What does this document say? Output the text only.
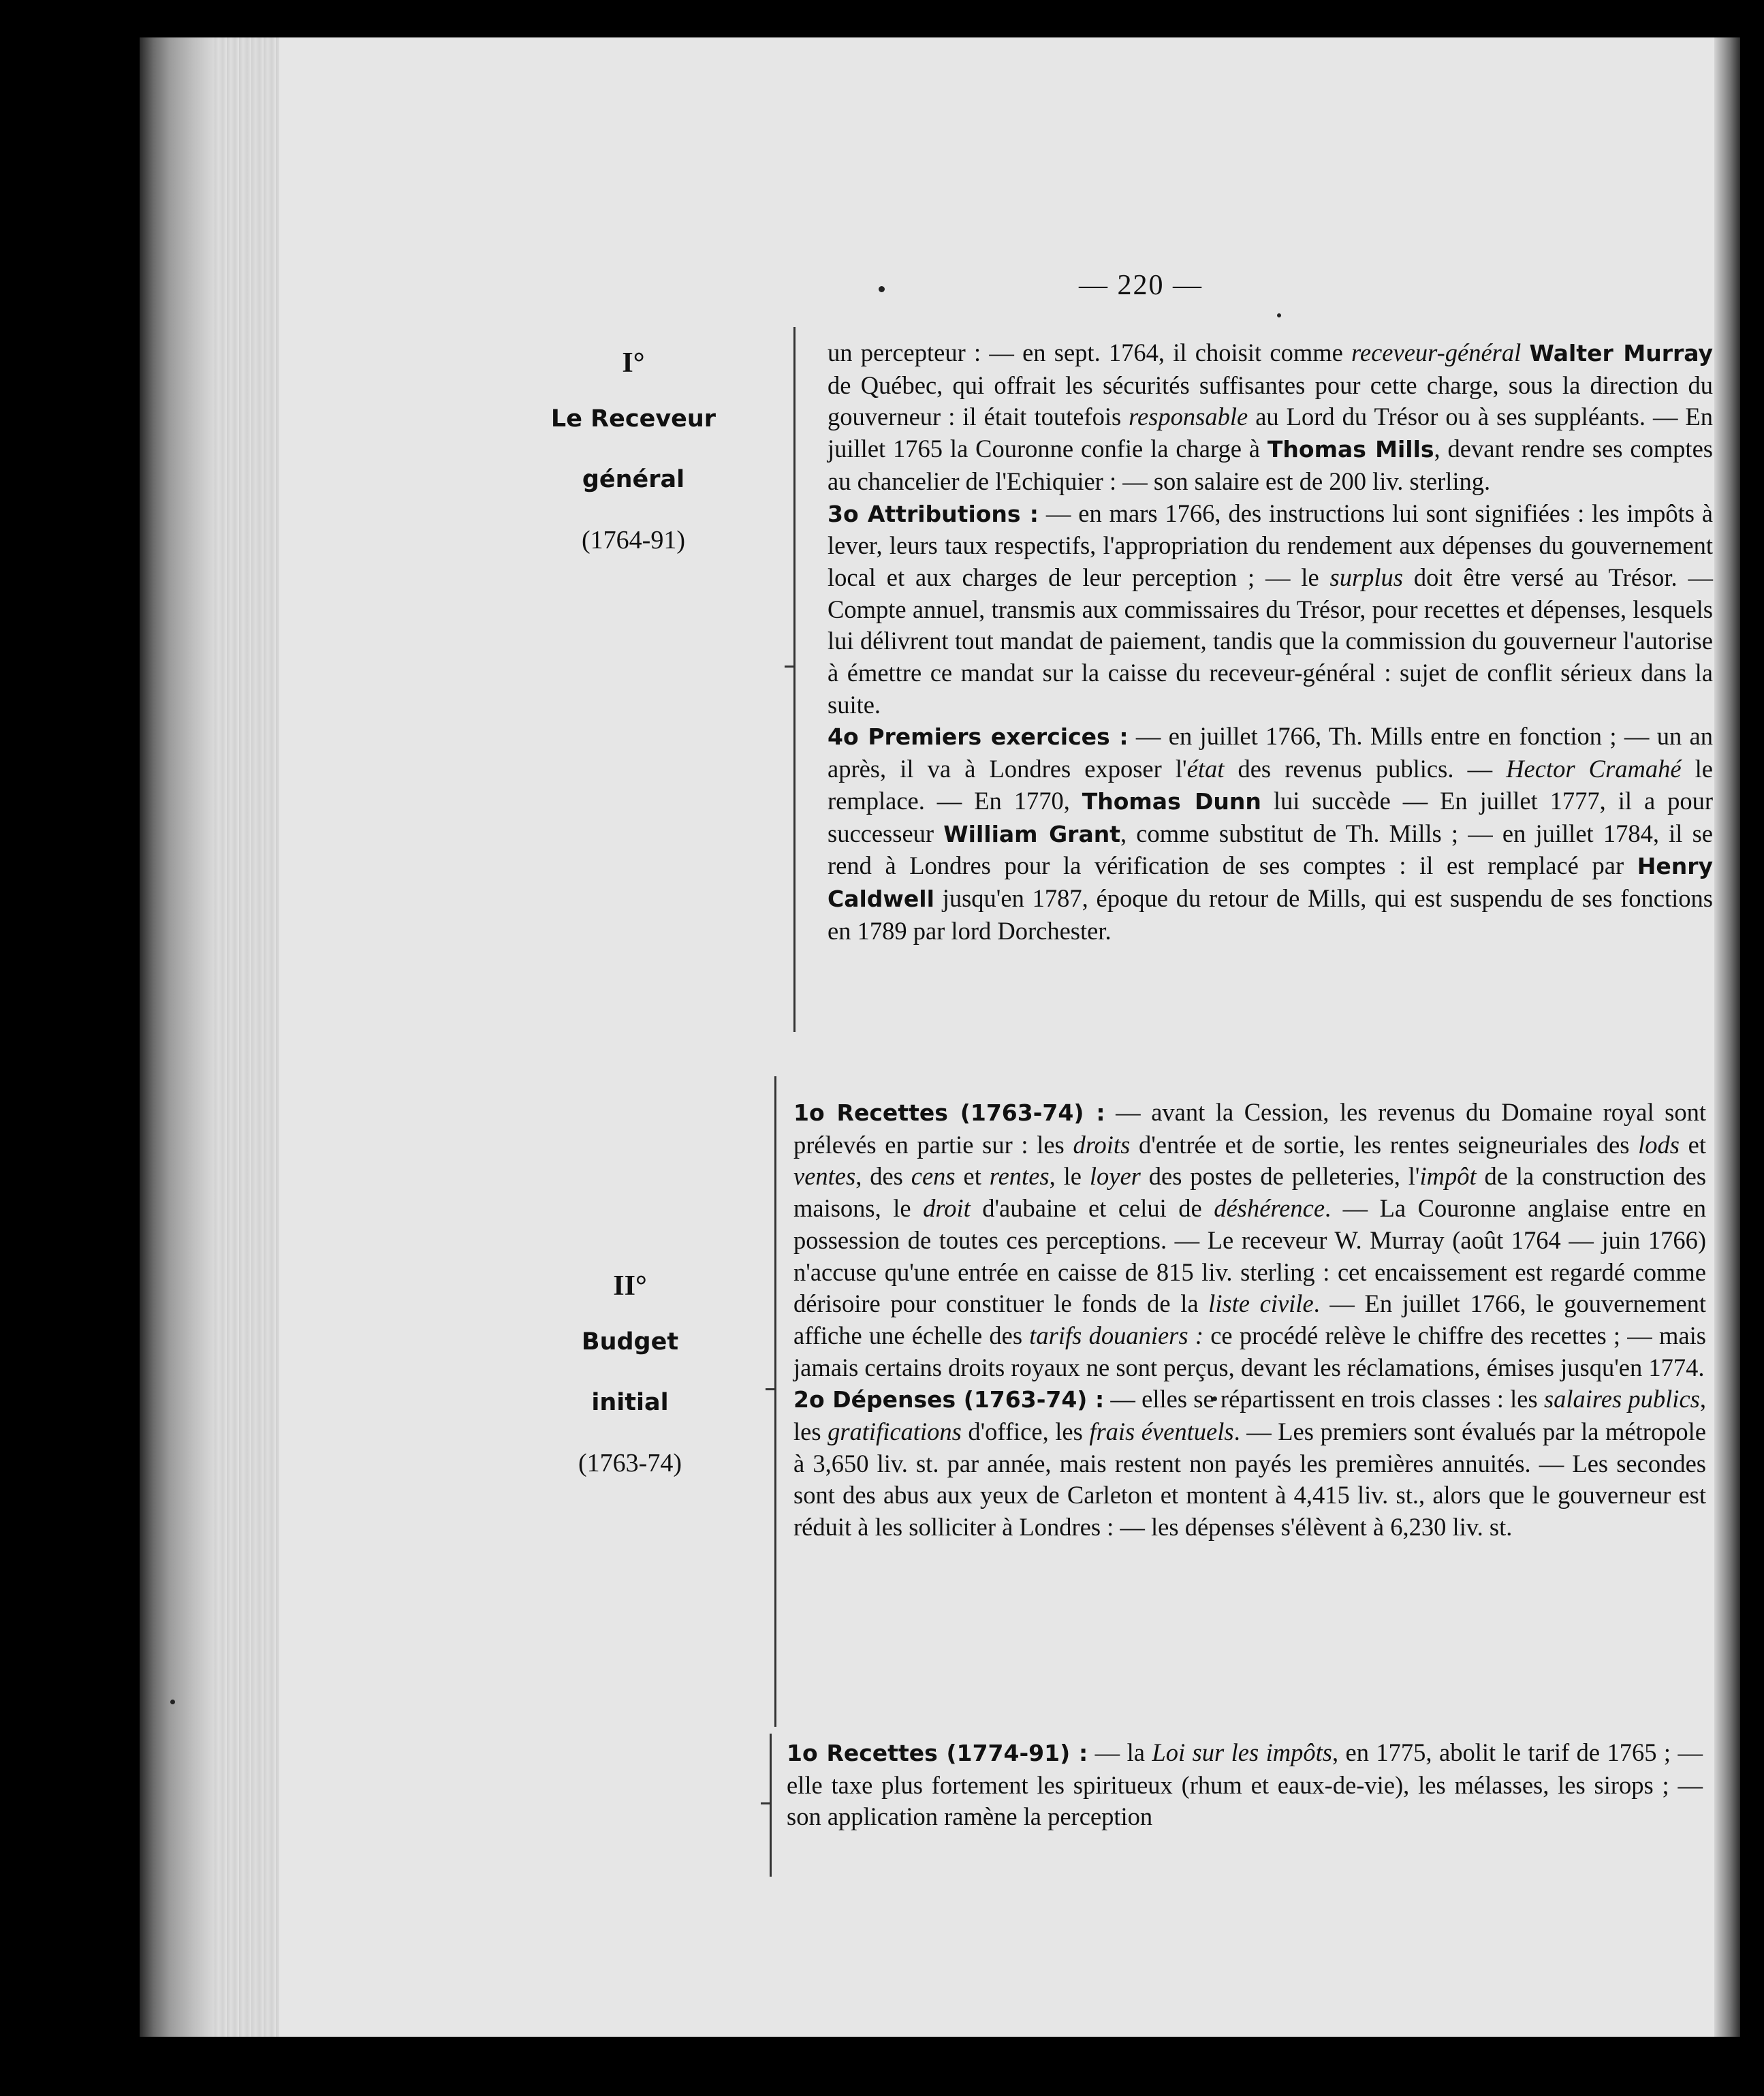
— 220 —
I°
Le Receveur
général
(1764-91)
II°
Budget
initial
(1763-74)

un percepteur : — en sept. 1764, il choisit comme receveur-général Walter Murray de Québec, qui offrait les sécurités suffisantes pour cette charge, sous la direction du gouverneur : il était toutefois responsable au Lord du Trésor ou à ses suppléants. — En juillet 1765 la Couronne confie la charge à Thomas Mills, devant rendre ses comptes au chancelier de l'Echiquier : — son salaire est de 200 liv. sterling.

3o Attributions : — en mars 1766, des instructions lui sont signifiées : les impôts à lever, leurs taux respectifs, l'appropriation du rendement aux dépenses du gouvernement local et aux charges de leur perception ; — le surplus doit être versé au Trésor. — Compte annuel, transmis aux commissaires du Trésor, pour recettes et dépenses, lesquels lui délivrent tout mandat de paiement, tandis que la commission du gouverneur l'autorise à émettre ce mandat sur la caisse du receveur-général : sujet de conflit sérieux dans la suite.

4o Premiers exercices : — en juillet 1766, Th. Mills entre en fonction ; — un an après, il va à Londres exposer l'état des revenus publics. — Hector Cramahé le remplace. — En 1770, Thomas Dunn lui succède — En juillet 1777, il a pour successeur William Grant, comme substitut de Th. Mills ; — en juillet 1784, il se rend à Londres pour la vérification de ses comptes : il est remplacé par Henry Caldwell jusqu'en 1787, époque du retour de Mills, qui est suspendu de ses fonctions en 1789 par lord Dorchester.

1o Recettes (1763-74) : — avant la Cession, les revenus du Domaine royal sont prélevés en partie sur : les droits d'entrée et de sortie, les rentes seigneuriales des lods et ventes, des cens et rentes, le loyer des postes de pelleteries, l'impôt de la construction des maisons, le droit d'aubaine et celui de déshérence. — La Couronne anglaise entre en possession de toutes ces perceptions. — Le receveur W. Murray (août 1764 — juin 1766) n'accuse qu'une entrée en caisse de 815 liv. sterling : cet encaissement est regardé comme dérisoire pour constituer le fonds de la liste civile. — En juillet 1766, le gouvernement affiche une échelle des tarifs douaniers : ce procédé relève le chiffre des recettes ; — mais jamais certains droits royaux ne sont perçus, devant les réclamations, émises jusqu'en 1774.

2o Dépenses (1763-74) : — elles se répartissent en trois classes : les salaires publics, les gratifications d'office, les frais éventuels. — Les premiers sont évalués par la métropole à 3,650 liv. st. par année, mais restent non payés les premières annuités. — Les secondes sont des abus aux yeux de Carleton et montent à 4,415 liv. st., alors que le gouverneur est réduit à les solliciter à Londres : — les dépenses s'élèvent à 6,230 liv. st.

1o Recettes (1774-91) : — la Loi sur les impôts, en 1775, abolit le tarif de 1765 ; — elle taxe plus fortement les spiritueux (rhum et eaux-de-vie), les mélasses, les sirops ; — son application ramène la perception
